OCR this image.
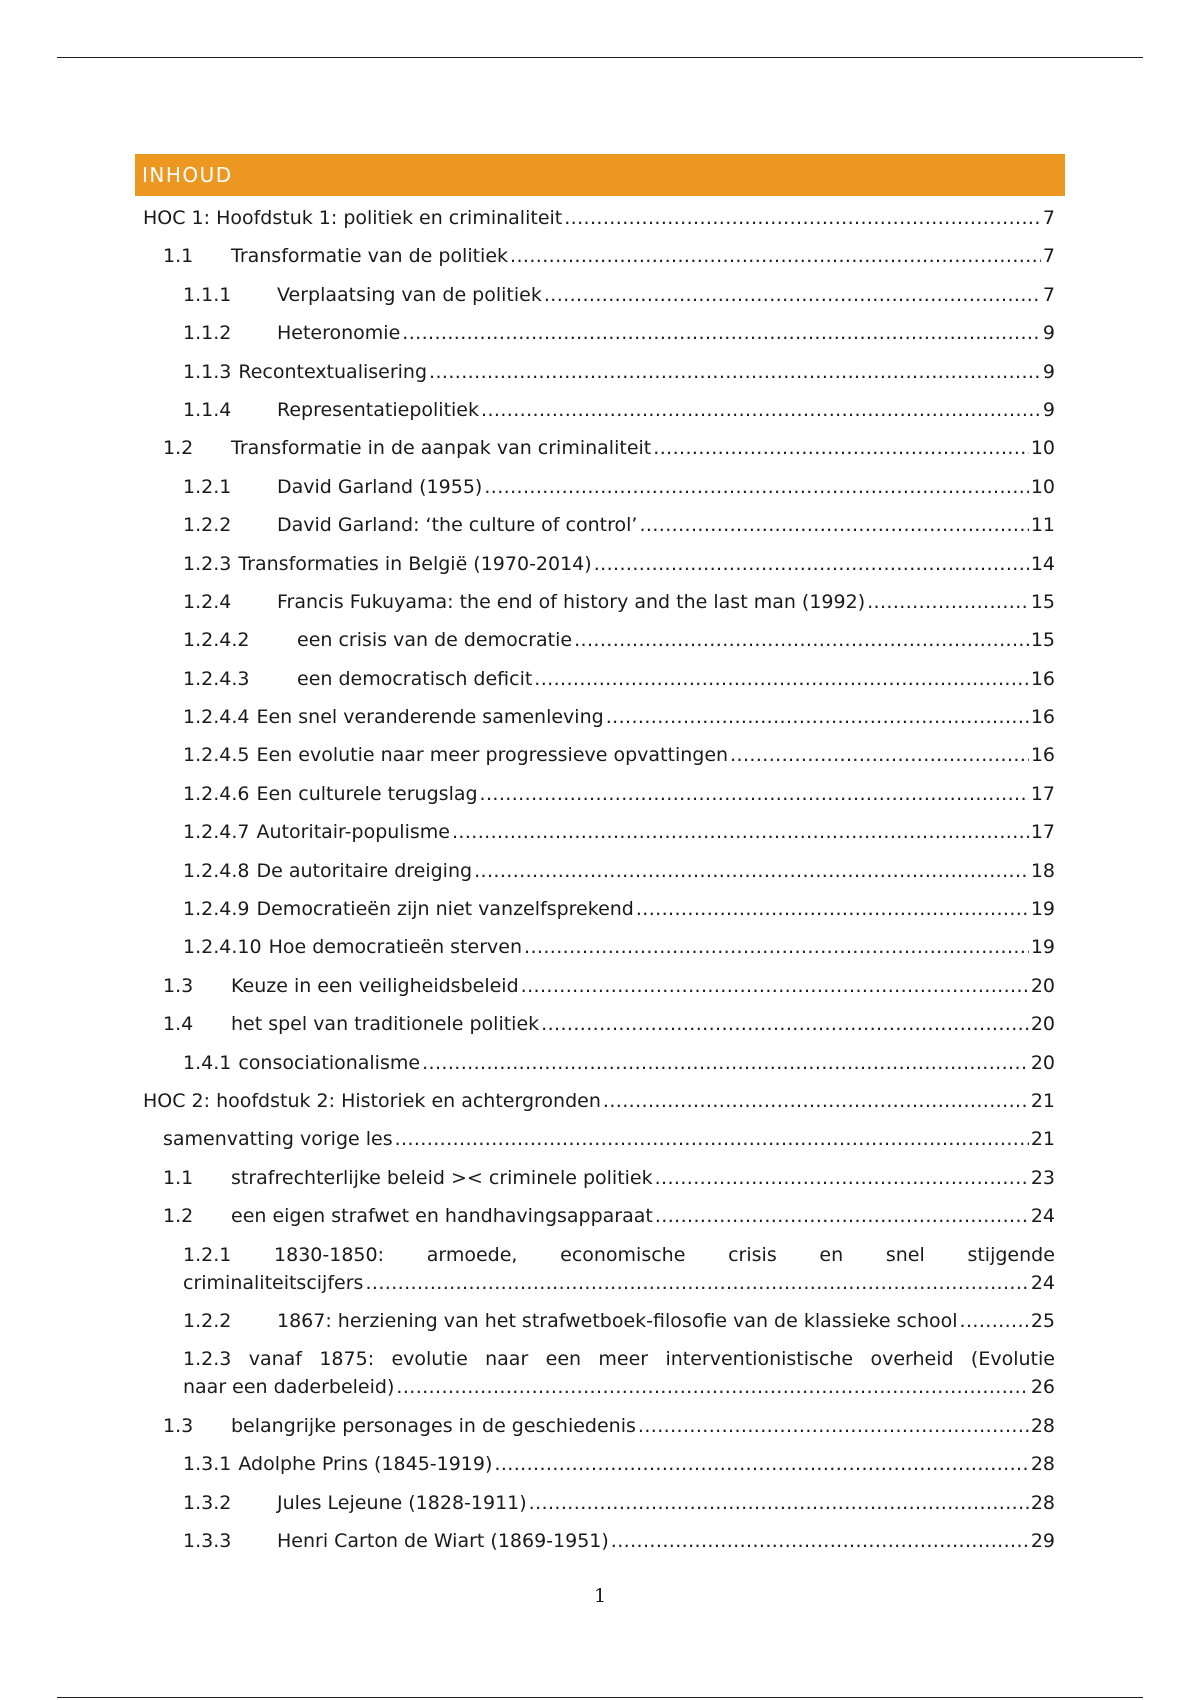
INHOUD
HOC 1: Hoofdstuk 1: politiek en criminaliteit .....	7
1.1	Transformatie van de politiek .....	7
1.1.1	Verplaatsing van de politiek .....	7
1.1.2	Heteronomie .....	9
1.1.3 Recontextualisering .....	9
1.1.4	Representatiepolitiek .....	9
1.2	Transformatie in de aanpak van criminaliteit .....	10
1.2.1	David Garland (1955) .....	10
1.2.2	David Garland: ‘the culture of control’ .....	11
1.2.3 Transformaties in België (1970-2014) .....	14
1.2.4	Francis Fukuyama: the end of history and the last man (1992) .....	15
1.2.4.2	een crisis van de democratie .....	15
1.2.4.3	een democratisch deficit .....	16
1.2.4.4 Een snel veranderende samenleving .....	16
1.2.4.5 Een evolutie naar meer progressieve opvattingen .....	16
1.2.4.6 Een culturele terugslag .....	17
1.2.4.7 Autoritair-populisme .....	17
1.2.4.8 De autoritaire dreiging .....	18
1.2.4.9 Democratieën zijn niet vanzelfsprekend .....	19
1.2.4.10 Hoe democratieën sterven .....	19
1.3	Keuze in een veiligheidsbeleid .....	20
1.4	het spel van traditionele politiek .....	20
1.4.1 consociationalisme .....	20
HOC 2: hoofdstuk 2: Historiek en achtergronden .....	21
samenvatting vorige les .....	21
1.1	strafrechterlijke beleid >< criminele politiek .....	23
1.2	een eigen strafwet en handhavingsapparaat .....	24
1.2.1 1830-1850: armoede, economische crisis en snel stijgende
criminaliteitscijfers .....	24
1.2.2	1867: herziening van het strafwetboek-filosofie van de klassieke school .....	25
1.2.3 vanaf 1875: evolutie naar een meer interventionistische overheid (Evolutie
naar een daderbeleid) .....	26
1.3	belangrijke personages in de geschiedenis .....	28
1.3.1 Adolphe Prins (1845-1919) .....	28
1.3.2	Jules Lejeune (1828-1911) .....	28
1.3.3	Henri Carton de Wiart (1869-1951) .....	29
1
